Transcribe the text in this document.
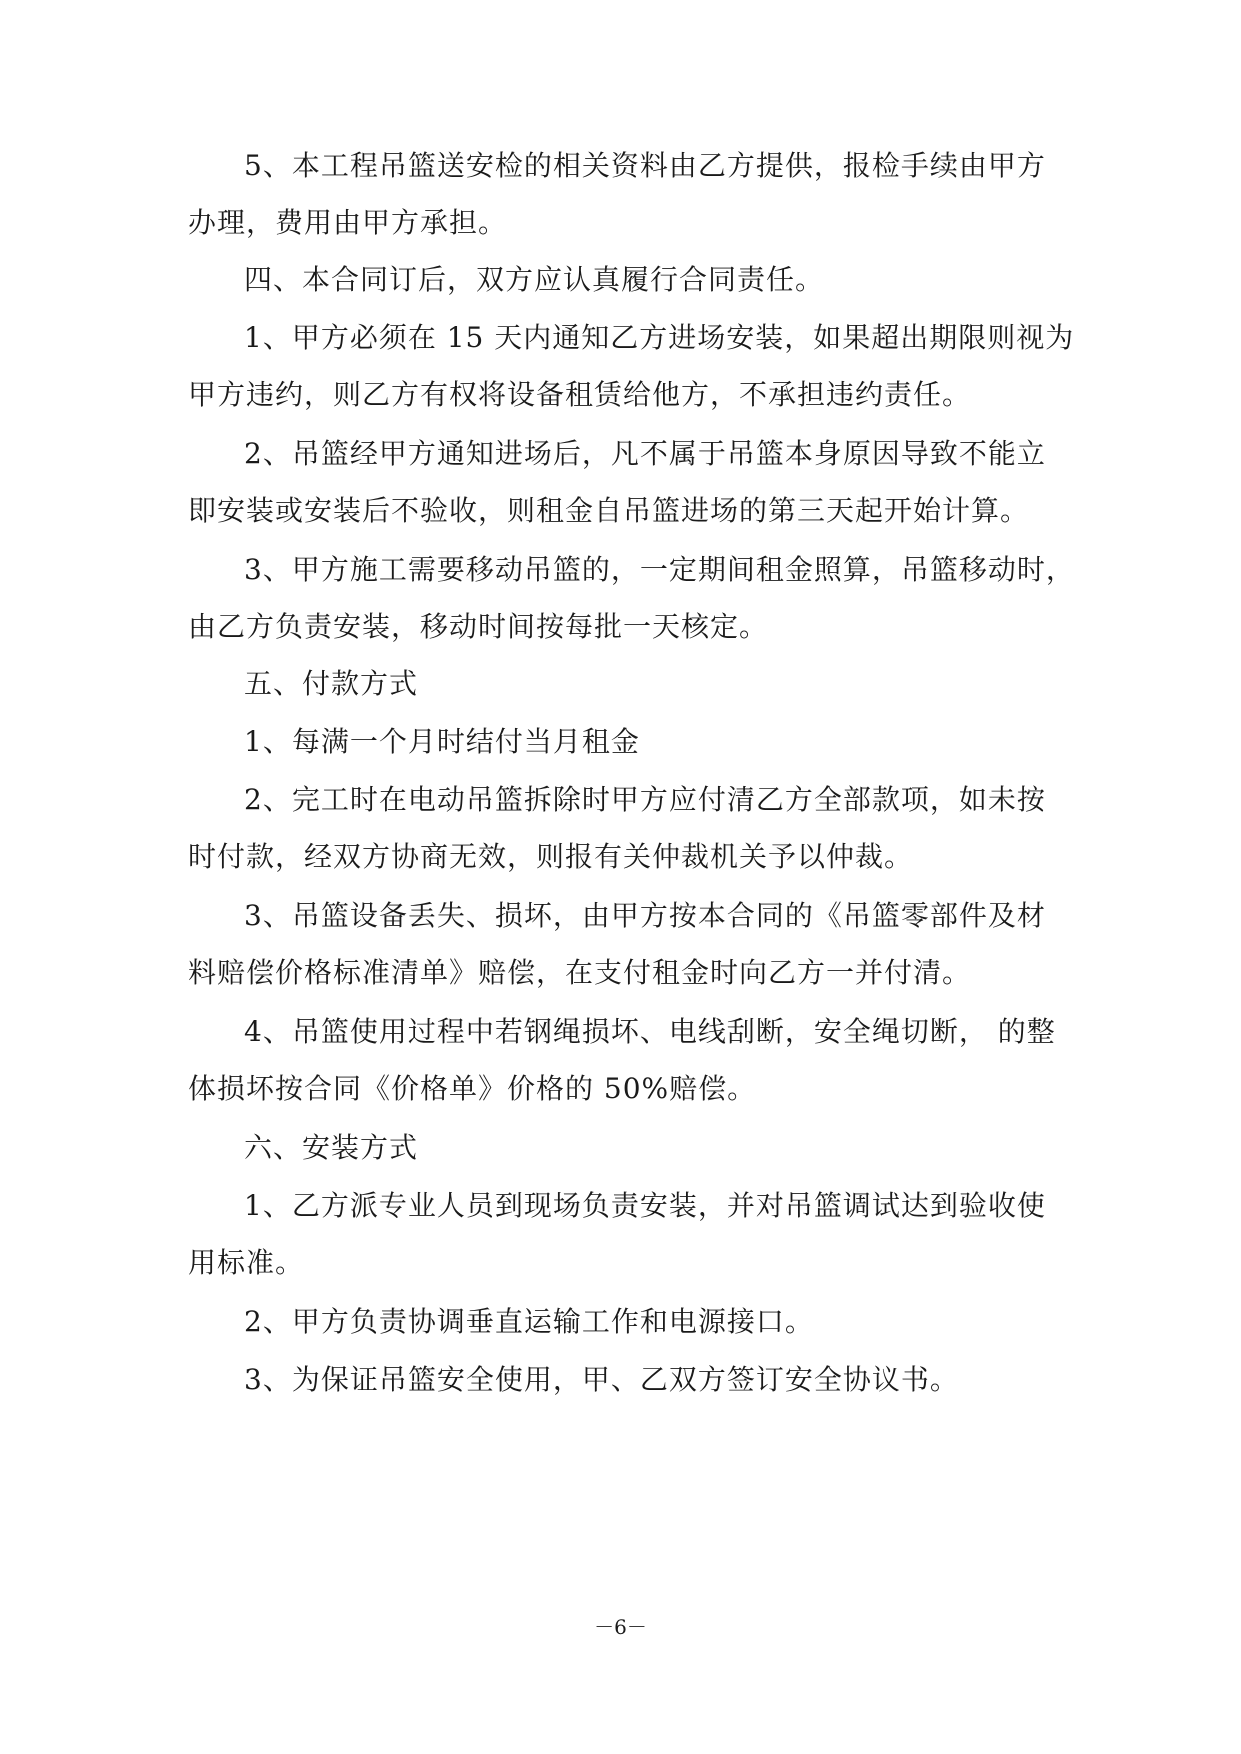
5、本工程吊篮送安检的相关资料由乙方提供，报检手续由甲方
办理，费用由甲方承担。
四、本合同订后，双方应认真履行合同责任。
1、甲方必须在 15 天内通知乙方进场安装，如果超出期限则视为
甲方违约，则乙方有权将设备租赁给他方，不承担违约责任。
2、吊篮经甲方通知进场后，凡不属于吊篮本身原因导致不能立
即安装或安装后不验收，则租金自吊篮进场的第三天起开始计算。
3、甲方施工需要移动吊篮的，一定期间租金照算，吊篮移动时，
由乙方负责安装，移动时间按每批一天核定。
五、付款方式
1、每满一个月时结付当月租金
2、完工时在电动吊篮拆除时甲方应付清乙方全部款项，如未按
时付款，经双方协商无效，则报有关仲裁机关予以仲裁。
3、吊篮设备丢失、损坏，由甲方按本合同的《吊篮零部件及材
料赔偿价格标准清单》赔偿，在支付租金时向乙方一并付清。
4、吊篮使用过程中若钢绳损坏、电线刮断，安全绳切断， 的整
体损坏按合同《价格单》价格的 50%赔偿。
六、安装方式
1、乙方派专业人员到现场负责安装，并对吊篮调试达到验收使
用标准。
2、甲方负责协调垂直运输工作和电源接口。
3、为保证吊篮安全使用，甲、乙双方签订安全协议书。
－6－
